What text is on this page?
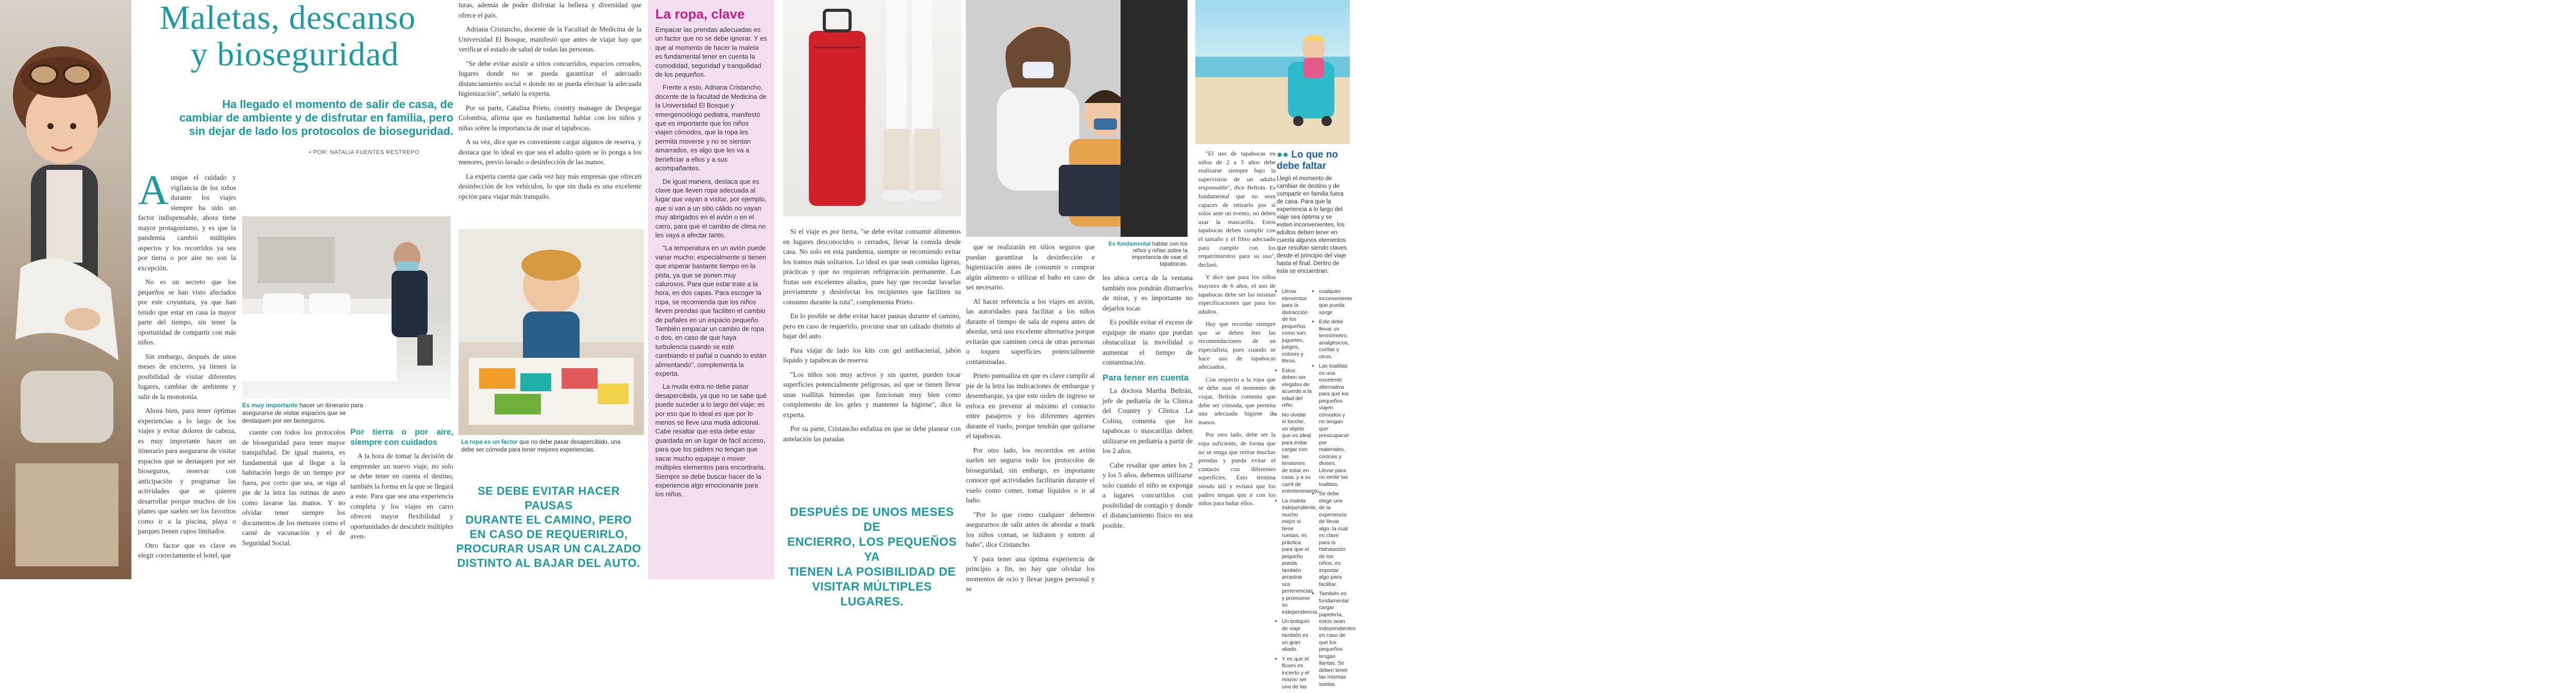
Maletas, descanso
y bioseguridad
Ha llegado el momento de salir de casa, de
cambiar de ambiente y de disfrutar en familia, pero
sin dejar de lado los protocolos de bioseguridad.
• POR: NATALIA FUENTES RESTREPO
A unque el cuidado y vigilancia de los niños durante los viajes siempre ha sido un factor indispensable, ahora tiene mayor protagonismo, y es que la pandemia cambió múltiples aspectos y los recorridos ya sea por tierra o por aire no son la excepción.

No es un secreto que los pequeños se han visto afectados por este coyuntura, ya que han tenido que estar en casa la mayor parte del tiempo, sin tener la oportunidad de compartir con más niños.

Sin embargo, después de unos meses de encierro, ya tienen la posibilidad de visitar diferentes lugares, cambiar de ambiente y salir de la monotonía.

Ahora bien, para tener óptimas experiencias a lo largo de los viajes y evitar dolores de cabeza, es muy importante hacer un itinerario para asegurarse de visitar espacios que se destaquen por ser bioseguros, reservar con anticipación y programar las actividades que se quieren desarrollar porque muchos de los planes que suelen ser los favoritos como ir a la piscina, playa o parques tienen cupos limitados.

Otro factor que es clave es elegir correctamente el hotel, que

Es muy importante hacer un itinerario para asegurarse de visitar espacios que se destaquen por ser bioseguros.

cuente con todos los protocolos de bioseguridad para tener mayor tranquilidad. De igual manera, es fundamental que al llegar a la habitación luego de un tiempo por fuera, por corto que sea, se siga al pie de la letra las rutinas de aseo como lavarse las manos. Y no olvidar tener siempre los documentos de los menores como el carné de vacunación y el de Seguridad Social.

Por tierra o por aire, siempre con cuidados

A la hora de tomar la decisión de emprender un nuevo viaje, no solo se debe tener en cuenta el destino, también la forma en la que se llegará a este. Para que sea una experiencia completa y los viajes en carro ofrecen mayor flexibilidad y oportunidades de descubrir múltiples aven-

turas, además de poder disfrutar la belleza y diversidad que ofrece el país.

Adriana Cristancho, docente de la Facultad de Medicina de la Universidad El Bosque, manifestó que antes de viajar hay que verificar el estado de salud de todas las personas.

"Se debe evitar asistir a sitios concurridos, espacios cerrados, lugares donde no se pueda garantizar el adecuado distanciamiento social o donde no se pueda efectuar la adecuada higienización", señaló la experta.

Por su parte, Catalina Prieto, country manager de Despegar Colombia, afirma que es fundamental hablar con los niños y niñas sobre la importancia de usar el tapabocas.

A su vez, dice que es conveniente cargar algunos de reserva, y destaca que lo ideal es que sea el adulto quien se lo ponga a los menores, previo lavado o desinfección de las manos.

La experta cuenta que cada vez hay más empresas que ofrecen desinfección de los vehículos, lo que sin duda es una excelente opción para viajar más tranquilo.

La ropa es un factor que no debe pasar desapercibido, una debe ser cómoda para tener mejores experiencias.
SE DEBE EVITAR HACER PAUSAS
DURANTE EL CAMINO, PERO
EN CASO DE REQUERIRLO,
PROCURAR USAR UN CALZADO
DISTINTO AL BAJAR DEL AUTO.
La ropa, clave

Empacar las prendas adecuadas es un factor que no se debe ignorar. Y es que al momento de hacer la maleta es fundamental tener en cuenta la comodidad, seguridad y tranquilidad de los pequeños.

Frente a esto, Adriana Cristancho, docente de la facultad de Medicina de la Universidad El Bosque y emergenciólogo pediatra, manifestó que es importante que los niños viajen cómodos, que la ropa les permita moverse y no se sientan amarrados, es algo que les va a beneficiar a ellos y a sus acompañantes.

De igual manera, destaca que es clave que lleven ropa adecuada al lugar que vayan a visitar, por ejemplo, que si van a un sitio cálido no vayan muy abrigados en el avión o en el carro, para que el cambio de clima no les vaya a afectar tanto.

"La temperatura en un avión puede variar mucho; especialmente si tienen que esperar bastante tiempo en la pista, ya que se ponen muy calurosos. Para que estar trate a la hora, en dos capas. Para escoger la ropa, se recomienda que los niños lleven prendas que faciliten el cambio de pañales en un espacio pequeño. También empacar un cambio de ropa o dos, en caso de que haya turbulencia cuando se esté cambiando el pañal o cuando lo están alimentando", complementa la experta.

La muda extra no debe pasar desapercibida, ya que no se sabe qué puede suceder a lo largo del viaje; es por eso que lo ideal es que por lo menos se lleve una muda adicional. Cabe resaltar que esta debe estar guardada en un lugar de fácil acceso, para que los padres no tengan que sacar mucho equipaje o mover múltiples elementos para encontrarla. Siempre se debe buscar hacer de la experiencia algo emocionante para los niños.

Si el viaje es por tierra, "se debe evitar consumir alimentos en lugares desconocidos o cerrados, llevar la comida desde casa. No solo en esta pandemia, siempre se recomiendo evitar los tramos más solitarios. Lo ideal es que sean comidas ligeras, prácticas y que no requieran refrigeración permanente. Las frutas son excelentes aliados, pues hay que recordar lavarlas previamente y desinfectar los recipientes que faciliten su consumo durante la ruta", complementa Prieto.

En lo posible se debe evitar hacer pausas durante el camino, pero en caso de requerirlo, procurar usar un calzado distinto al bajar del auto.

Para viajar de lado los kits con gel antibacterial, jabón líquido y tapabocas de reserva.

"Los niños son muy activos y sin querer, pueden tocar superficies potencialmente peligrosas, así que se tienen llevar unas toallitas húmedas que funcionan muy bien como complemento de los geles y mantener la higiene", dice la experta.

Por su parte, Cristancho enfatiza en que se debe planear con antelación las paradas

DESPUÉS DE UNOS MESES DE
ENCIERRO, LOS PEQUEÑOS YA
TIENEN LA POSIBILIDAD DE
VISITAR MÚLTIPLES LUGARES.
Es fundamental hablar con los niños y niñas sobre la importancia de usar el tapabocas.

que se realizarán en sitios seguros que puedan garantizar la desinfección e higienización antes de consumir o comprar algún alimento o utilizar el baño en caso de ser necesario.

Al hacer referencia a los viajes en avión, las autoridades para facilitar a los niños durante el tiempo de sala de espera antes de abordar, será una excelente alternativa porque evitarán que caminen cerca de otras personas o toquen superficies potencialmente contaminadas.

Prieto puntualiza en que es clave cumplir al pie de la letra las indicaciones de embarque y desembarque, ya que este orden de ingreso se enfoca en prevenir al máximo el contacto entre pasajeros y los diferentes agentes durante el vuelo, porque tendrán que quitarse el tapabocas.

Por otro lado, los recorridos en avión suelen ser seguros todo los protocolos de bioseguridad, sin embargo, es importante conocer qué actividades facilitarán durante el vuelo como comer, tomar líquidos o ir al baño.

"Por lo que como cualquier debemos asegurarnos de salir antes de abordar a mark los niños coman, se hidraten y entren al baño", dice Cristancho.

Y para tener una óptima experiencia de principio a fin, no hay que olvidar los momentos de ocio y llevar juegos personal y se

les ubica cerca de la ventana también nos pondrán distraerlos de mirar, y es importante no dejarlos tocar.

Es posible evitar el exceso de equipaje de mano que puedan obstaculizar la movilidad o aumentar el tiempo de contaminación.

Para tener en cuenta

La doctora Martha Beltrán, jefe de pediatría de la Clínica del Country y Clínica La Colina, comenta que los tapabocas o mascarillas deben utilizarse en pediatría a partir de los 2 años.

Cabe resaltar que antes los 2 y los 5 años, debemos utilizarse solo cuando el niño se exponga a lugares concurridos con posibilidad de contagio y donde el distanciamiento físico no sea posible.

"El uso de tapabocas en niños de 2 a 5 años debe realizarse siempre bajo la supervisión de un adulto responsable", dice Beltrán. Es fundamental que no sean capaces de retirarlo por sí solos ante un evento, no deben usar la mascarilla. Estos tapabocas deben cumplir con el tamaño y el filtro adecuado para cumplir con los requerimientos para su uso", declaró.

Y dice que para los niños mayores de 6 años, el uso de tapabocas debe ser las mismas especificaciones que para los adultos.

Hay que recordar siempre que se deben leer las recomendaciones de un especialista, pues cuando se hace uso de tapabocas adecuados.

Con respecto a la ropa que se debe usar el momento de viajar, Beltrán comenta que debe ser cómoda, que permita una adecuada higiene de manos.

Por otro lado, debe ser la ropa suficiente, de forma que no se tenga que retirar muchas prendas y pueda evitar el contacto con diferentes superficies. Esto termina siendo útil y evitará que los padres tengan que ir con los niños para bañar ellos.

●● Lo que no debe faltar
Llegó el momento de cambiar de destino y de compartir en familia fuera de casa. Para que la experiencia a lo largo del viaje sea óptima y se eviten inconvenientes, los adultos deben tener en cuenta algunos elementos que resultan siendo claves desde el principio del viaje hasta el final. Dentro de esta se encuentran:
• Llevar elementos para la distracción de los pequeños como son: juguetes, juegos, colores y libros.
• Estos deben ser elegidos de acuerdo a la edad del niño.
• No olvidar el lonche, un objeto que es ideal para evitar cargar con las tensiones de estar en casa, y a su carril de entretenimiento.
• La maleta independiente, mucho mejor si tiene ruedas, es práctica para que el pequeño pueda también arrastrar sus pertenencias y promueve su independencia.
• Un botiquín de viaje también es un gran aliado.
• Y es que el fluxes es incierto y el mismo ser una de las
• cualquier inconveniente que pueda surgir.
• Este debe llevar un termómetro, analgésicos, curitas y otros.
• Las toallitas es una excelente alternativa para que los pequeños viajen cómodos y no tengan que preocuparse por materiales, cocinas y dioses. Llevar para no emitir las toallitas.
• Se debe elegir uno de la experiencia de llevar algo, la cual es clave para la hidratación de los niños, es importar algo para facilitar.
• También es fundamental cargar papelería, estos sean independientes en caso de que los pequeños tengan llantas. Se deben tener las mismas suelas.
